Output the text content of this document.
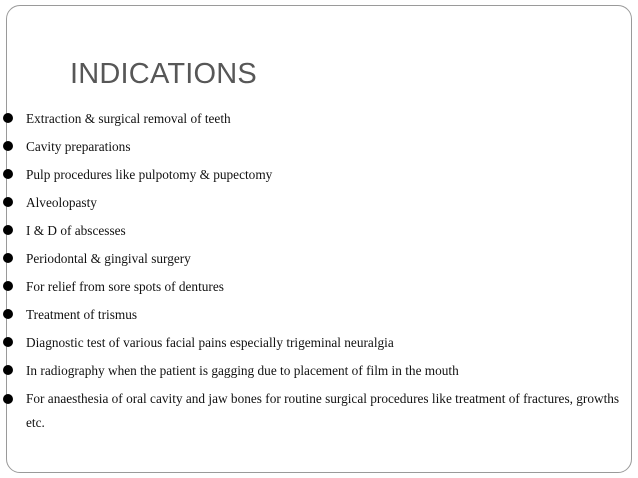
INDICATIONS
Extraction & surgical removal of teeth
Cavity preparations
Pulp procedures like pulpotomy & pupectomy
Alveolopasty
I & D of abscesses
Periodontal & gingival surgery
For relief from sore spots of dentures
Treatment of trismus
Diagnostic test of various facial pains especially trigeminal neuralgia
In radiography when the patient is gagging due to placement of film in the mouth
For anaesthesia of oral cavity and jaw bones for routine surgical procedures like treatment of fractures, growths etc.
